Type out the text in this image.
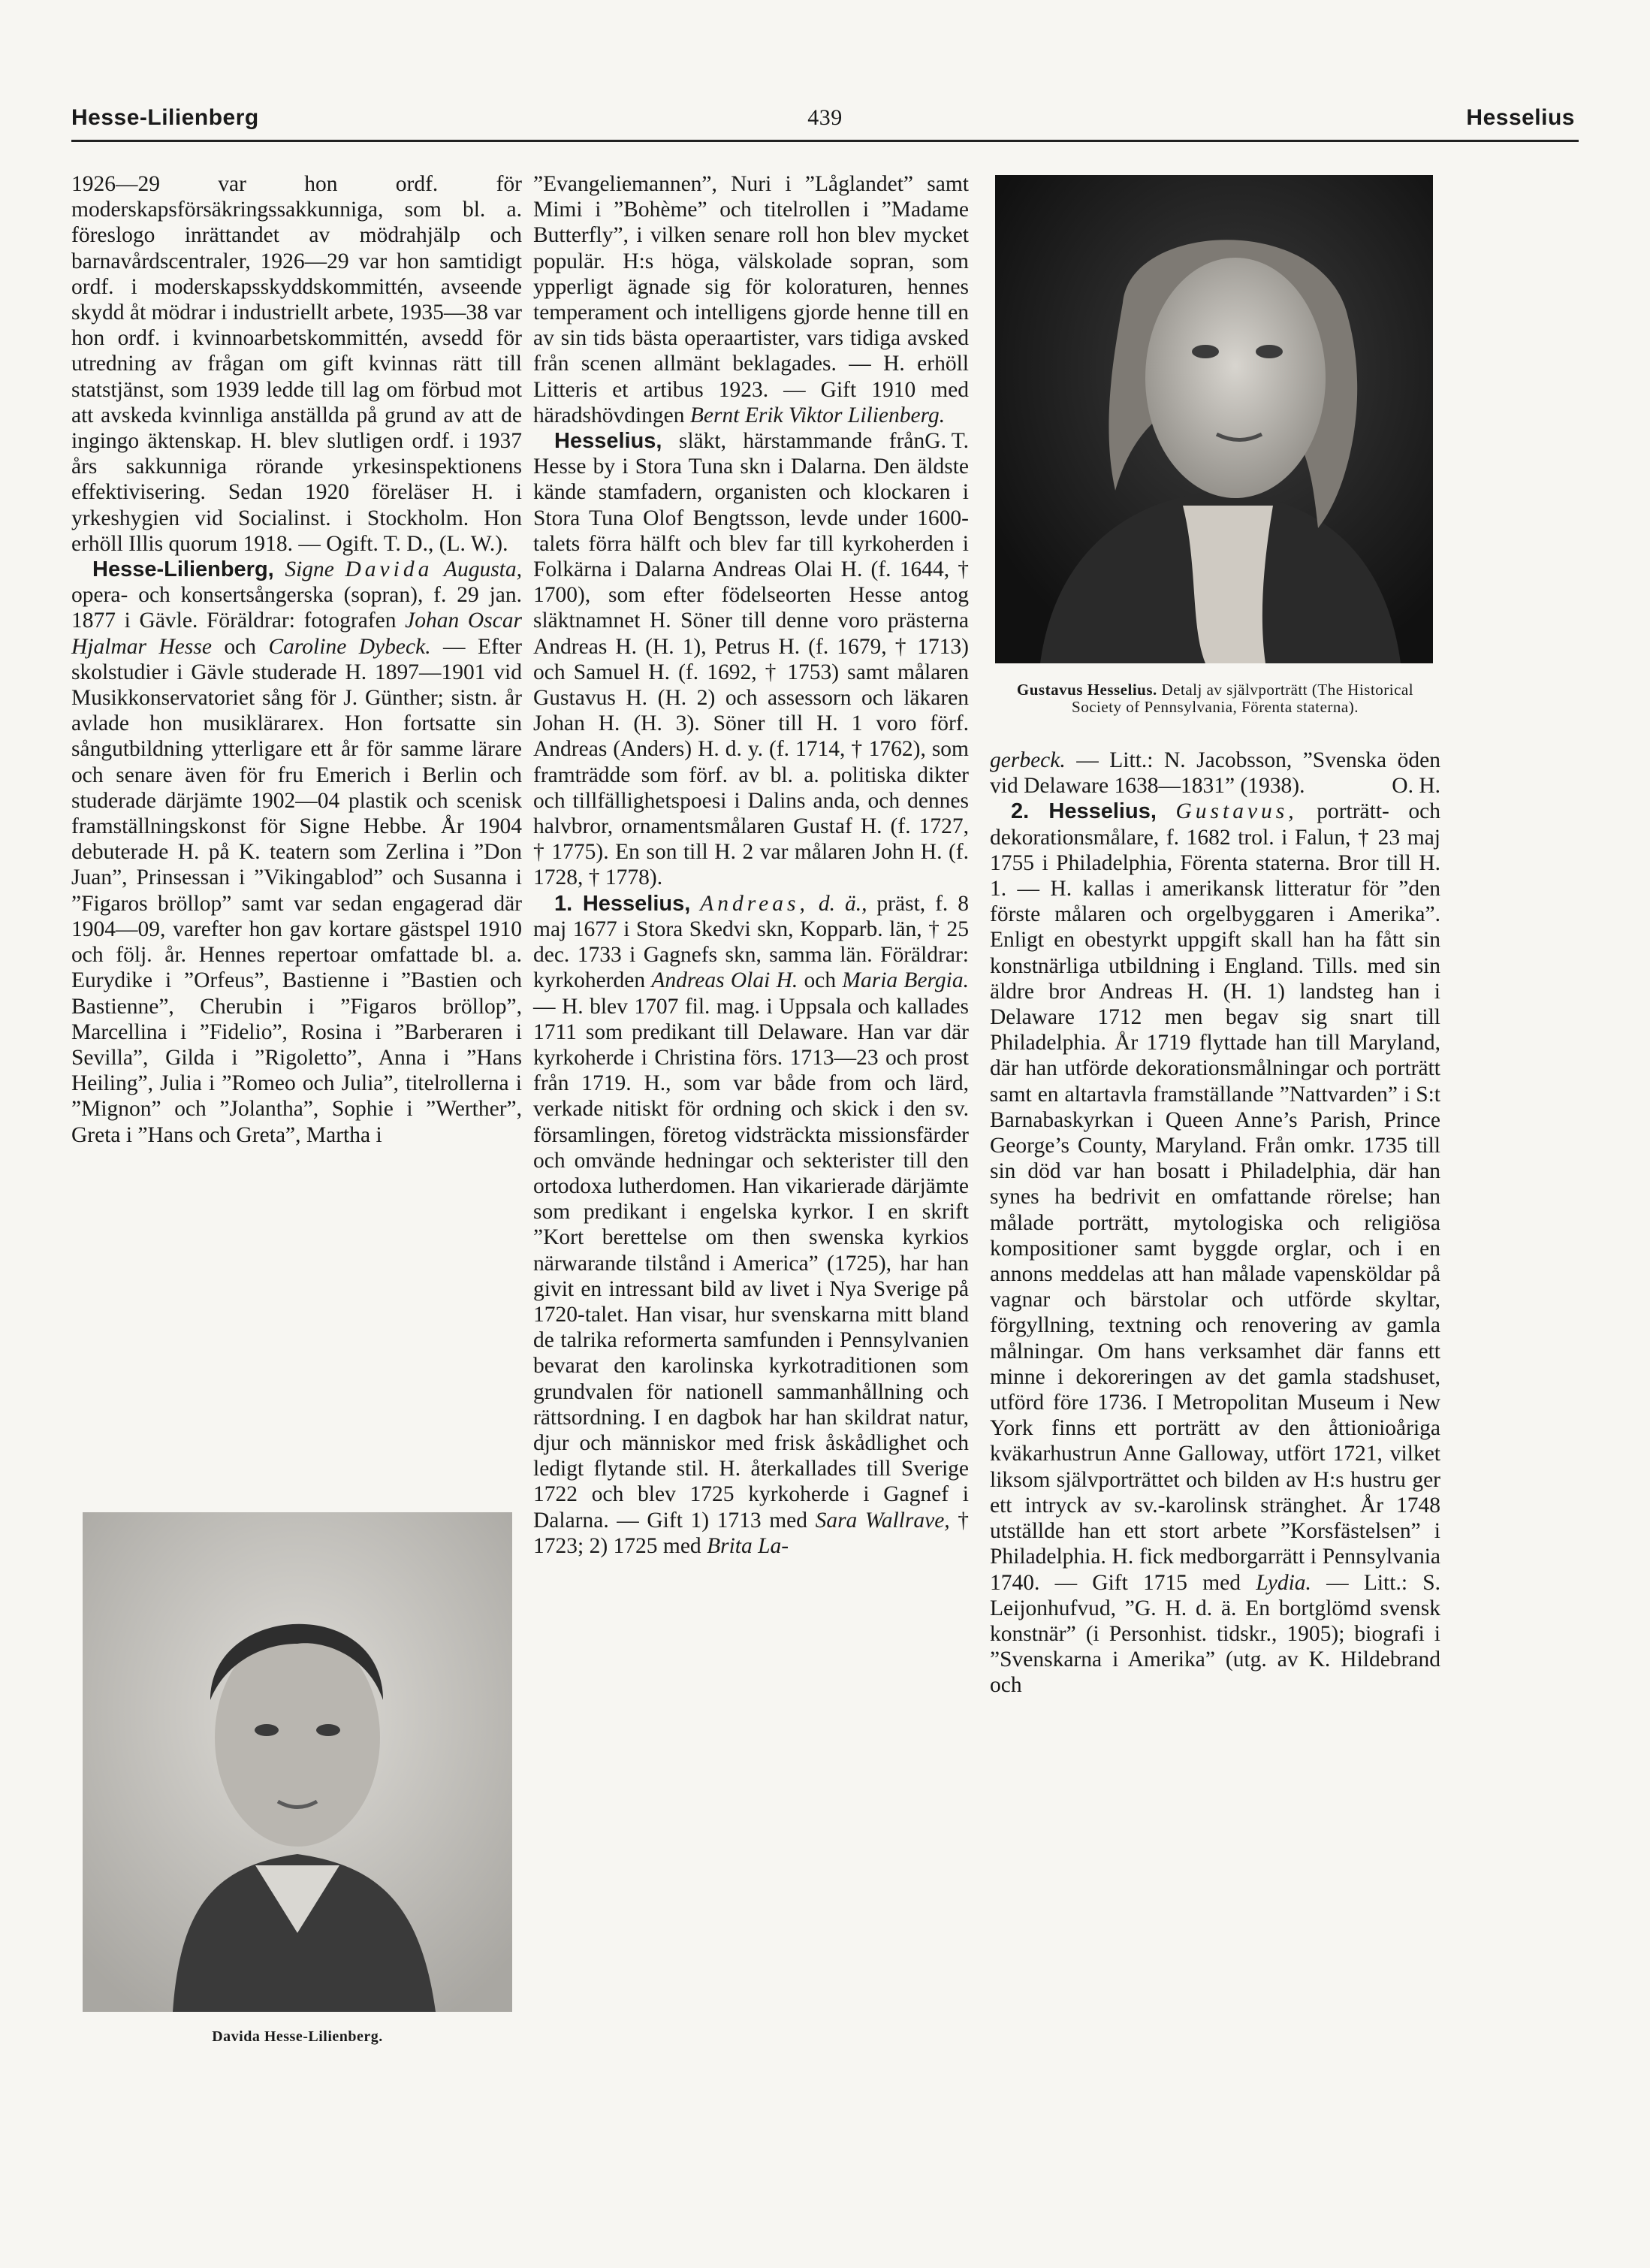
Hesse-Lilienberg	439	Hesselius

1926—29 var hon ordf. för moderskapsförsäkringssakkunniga, som bl. a. föreslogo inrättandet av mödrahjälp och barnavårdscentraler, 1926—29 var hon samtidigt ordf. i moderskapsskyddskommittén, avseende skydd åt mödrar i industriellt arbete, 1935—38 var hon ordf. i kvinnoarbetskommittén, avsedd för utredning av frågan om gift kvinnas rätt till statstjänst, som 1939 ledde till lag om förbud mot att avskeda kvinnliga anställda på grund av att de ingingo äktenskap. H. blev slutligen ordf. i 1937 års sakkunniga rörande yrkesinspektionens effektivisering. Sedan 1920 föreläser H. i yrkeshygien vid Socialinst. i Stockholm. Hon erhöll Illis quorum 1918. — Ogift. T. D., (L. W.).

Hesse-Lilienberg, Signe Davida Augusta, opera- och konsertsångerska (sopran), f. 29 jan. 1877 i Gävle. Föräldrar: fotografen Johan Oscar Hjalmar Hesse och Caroline Dybeck. — Efter skolstudier i Gävle studerade H. 1897—1901 vid Musikkonservatoriet sång för J. Günther; sistn. år avlade hon musiklärarex. Hon fortsatte sin sångutbildning ytterligare ett år för samme lärare och senare även för fru Emerich i Berlin och studerade därjämte 1902—04 plastik och scenisk framställningskonst för Signe Hebbe. År 1904 debuterade H. på K. teatern som Zerlina i ”Don Juan”, Prinsessan i ”Vikingablod” och Susanna i ”Figaros bröllop” samt var sedan engagerad där 1904—09, varefter hon gav kortare gästspel 1910 och följ. år. Hennes repertoar omfattade bl. a. Eurydike i ”Orfeus”, Bastienne i ”Bastien och Bastienne”, Cherubin i ”Figaros bröllop”, Marcellina i ”Fidelio”, Rosina i ”Barberaren i Sevilla”, Gilda i ”Rigoletto”, Anna i ”Hans Heiling”, Julia i ”Romeo och Julia”, titelrollerna i ”Mignon” och ”Jolantha”, Sophie i ”Werther”, Greta i ”Hans och Greta”, Martha i

Davida Hesse-Lilienberg.

”Evangeliemannen”, Nuri i ”Låglandet” samt Mimi i ”Bohème” och titelrollen i ”Madame Butterfly”, i vilken senare roll hon blev mycket populär. H:s höga, välskolade sopran, som ypperligt ägnade sig för koloraturen, hennes temperament och intelligens gjorde henne till en av sin tids bästa operaartister, vars tidiga avsked från scenen allmänt beklagades. — H. erhöll Litteris et artibus 1923. — Gift 1910 med häradshövdingen Bernt Erik Viktor Lilienberg.
G. T.

Hesselius, släkt, härstammande från Hesse by i Stora Tuna skn i Dalarna. Den äldste kände stamfadern, organisten och klockaren i Stora Tuna Olof Bengtsson, levde under 1600-talets förra hälft och blev far till kyrkoherden i Folkärna i Dalarna Andreas Olai H. (f. 1644, † 1700), som efter födelseorten Hesse antog släktnamnet H. Söner till denne voro prästerna Andreas H. (H. 1), Petrus H. (f. 1679, † 1713) och Samuel H. (f. 1692, † 1753) samt målaren Gustavus H. (H. 2) och assessorn och läkaren Johan H. (H. 3). Söner till H. 1 voro förf. Andreas (Anders) H. d. y. (f. 1714, † 1762), som framträdde som förf. av bl. a. politiska dikter och tillfällighetspoesi i Dalins anda, och dennes halvbror, ornamentsmålaren Gustaf H. (f. 1727, † 1775). En son till H. 2 var målaren John H. (f. 1728, † 1778).

1. Hesselius, Andreas, d. ä., präst, f. 8 maj 1677 i Stora Skedvi skn, Kopparb. län, † 25 dec. 1733 i Gagnefs skn, samma län. Föräldrar: kyrkoherden Andreas Olai H. och Maria Bergia. — H. blev 1707 fil. mag. i Uppsala och kallades 1711 som predikant till Delaware. Han var där kyrkoherde i Christina förs. 1713—23 och prost från 1719. H., som var både from och lärd, verkade nitiskt för ordning och skick i den sv. församlingen, företog vidsträckta missionsfärder och omvände hedningar och sekterister till den ortodoxa lutherdomen. Han vikarierade därjämte som predikant i engelska kyrkor. I en skrift ”Kort berettelse om then swenska kyrkios närwarande tilstånd i America” (1725), har han givit en intressant bild av livet i Nya Sverige på 1720-talet. Han visar, hur svenskarna mitt bland de talrika reformerta samfunden i Pennsylvanien bevarat den karolinska kyrkotraditionen som grundvalen för nationell sammanhållning och rättsordning. I en dagbok har han skildrat natur, djur och människor med frisk åskådlighet och ledigt flytande stil. H. återkallades till Sverige 1722 och blev 1725 kyrkoherde i Gagnef i Dalarna. — Gift 1) 1713 med Sara Wallrave, † 1723; 2) 1725 med Brita La-

Gustavus Hesselius. Detalj av självporträtt (The Historical Society of Pennsylvania, Förenta staterna).

gerbeck. — Litt.: N. Jacobsson, ”Svenska öden vid Delaware 1638—1831” (1938).	O. H.

2. Hesselius, Gustavus, porträtt- och dekorationsmålare, f. 1682 trol. i Falun, † 23 maj 1755 i Philadelphia, Förenta staterna. Bror till H. 1. — H. kallas i amerikansk litteratur för ”den förste målaren och orgelbyggaren i Amerika”. Enligt en obestyrkt uppgift skall han ha fått sin konstnärliga utbildning i England. Tills. med sin äldre bror Andreas H. (H. 1) landsteg han i Delaware 1712 men begav sig snart till Philadelphia. År 1719 flyttade han till Maryland, där han utförde dekorationsmålningar och porträtt samt en altartavla framställande ”Nattvarden” i S:t Barnabaskyrkan i Queen Anne’s Parish, Prince George’s County, Maryland. Från omkr. 1735 till sin död var han bosatt i Philadelphia, där han synes ha bedrivit en omfattande rörelse; han målade porträtt, mytologiska och religiösa kompositioner samt byggde orglar, och i en annons meddelas att han målade vapensköldar på vagnar och bärstolar och utförde skyltar, förgyllning, textning och renovering av gamla målningar. Om hans verksamhet där fanns ett minne i dekoreringen av det gamla stadshuset, utförd före 1736. I Metropolitan Museum i New York finns ett porträtt av den åttionioåriga kväkarhustrun Anne Galloway, utfört 1721, vilket liksom självporträttet och bilden av H:s hustru ger ett intryck av sv.-karolinsk stränghet. År 1748 utställde han ett stort arbete ”Korsfästelsen” i Philadelphia. H. fick medborgarrätt i Pennsylvania 1740. — Gift 1715 med Lydia. — Litt.: S. Leijonhufvud, ”G. H. d. ä. En bortglömd svensk konstnär” (i Personhist. tidskr., 1905); biografi i ”Svenskarna i Amerika” (utg. av K. Hildebrand och
